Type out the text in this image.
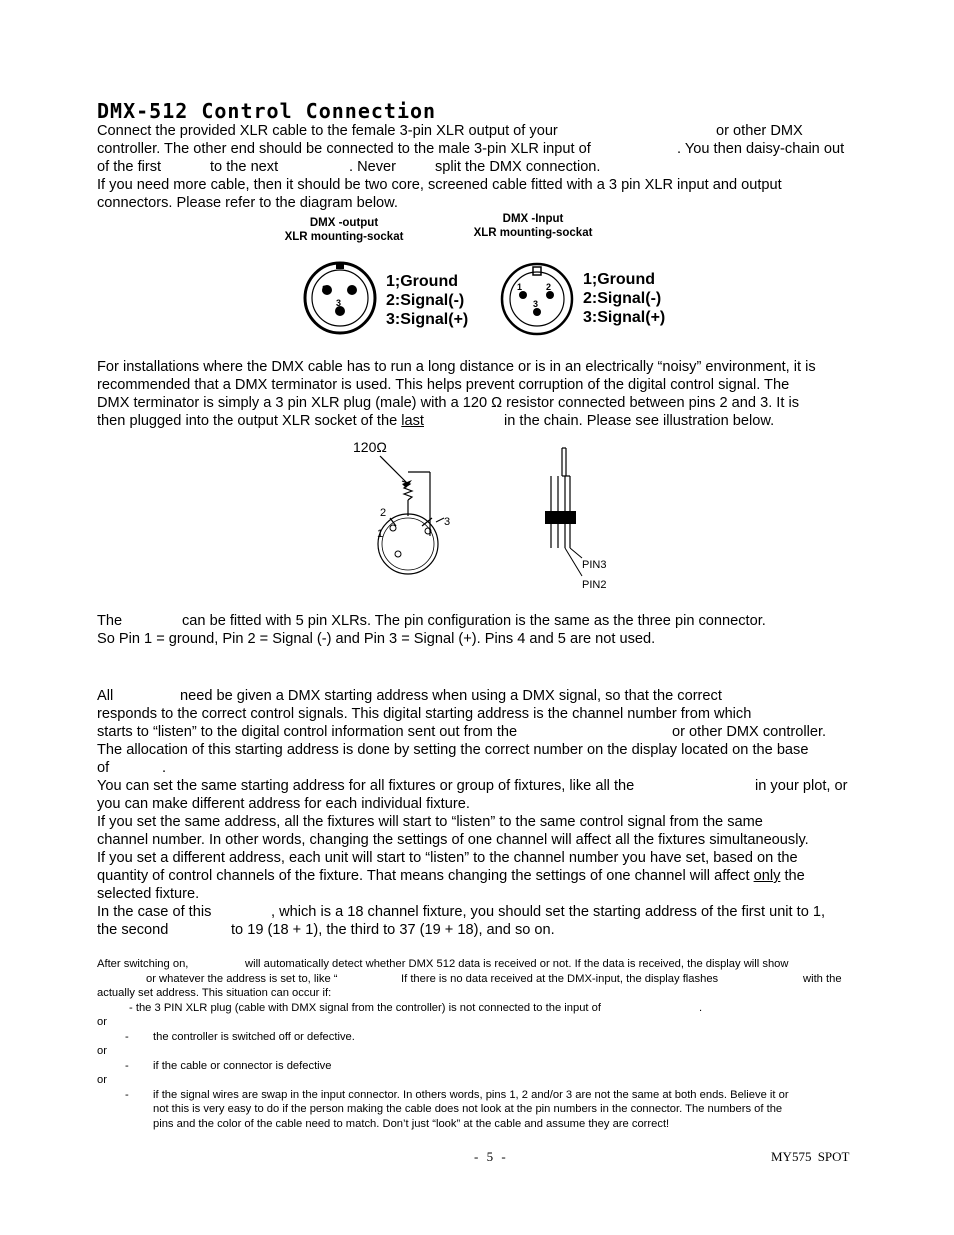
DMX-512 Control Connection
Connect the provided XLR cable to the female 3-pin XLR output of your	or other DMX
controller. The other end should be connected to the male 3-pin XLR input of	. You then daisy-chain out
of the first	to the next	. Never	split the DMX connection.

If you need more cable, then it should be two core, screened cable fitted with a 3 pin XLR input and output

connectors. Please refer to the diagram below.

DMX -output
XLR mounting-sockat
DMX -Input
XLR mounting-sockat
2 1
3
1;Ground
2:Signal(-)
3:Signal(+)
1	2
3
1;Ground
2:Signal(-)
3:Signal(+)

For installations where the DMX cable has to run a long distance or is in an electrically “noisy” environment, it is

recommended that a DMX terminator is used. This helps prevent corruption of the digital control signal. The

DMX terminator is simply a 3 pin XLR plug (male) with a 120 Ω resistor connected between pins 2 and 3. It is

then plugged into the output XLR socket of the last	in the chain. Please see illustration below.
120Ω
2
3
1
PIN3
PIN2
The	can be fitted with 5 pin XLRs. The pin configuration is the same as the three pin connector.

So Pin 1 = ground, Pin 2 = Signal (-) and Pin 3 = Signal (+). Pins 4 and 5 are not used.

All	need be given a DMX starting address when using a DMX signal, so that the correct

responds to the correct control signals. This digital starting address is the channel number from which

starts to “listen” to the digital control information sent out from the	or other DMX controller.

The allocation of this starting address is done by setting the correct number on the display located on the base

of	.
You can set the same starting address for all fixtures or group of fixtures, like all the	in your plot, or

you can make different address for each individual fixture.

If you set the same address, all the fixtures will start to “listen” to the same control signal from the same

channel number. In other words, changing the settings of one channel will affect all the fixtures simultaneously.

If you set a different address, each unit will start to “listen” to the channel number you have set, based on the

quantity of control channels of the fixture. That means changing the settings of one channel will affect only the

selected fixture.

In the case of this	, which is a 18 channel fixture, you should set the starting address of the first unit to 1,
the second	to 19 (18 + 1), the third to 37 (19 + 18), and so on.
After switching on,	will automatically detect whether DMX 512 data is received or not. If the data is received, the display will show
or whatever the address is set to, like “	If there is no data received at the DMX-input, the display flashes	with the

actually set address. This situation can occur if:

- the 3 PIN XLR plug (cable with DMX signal from the controller) is not connected to the input of	.

or

- the controller is switched off or defective.

or

- if the cable or connector is defective

or

- if the signal wires are swap in the input connector. In others words, pins 1, 2 and/or 3 are not the same at both ends. Believe it or
not this is very easy to do if the person making the cable does not look at the pin numbers in the connector. The numbers of the
pins and the color of the cable need to match. Don’t just “look” at the cable and assume they are correct!
- 5 -	MY575 SPOT
